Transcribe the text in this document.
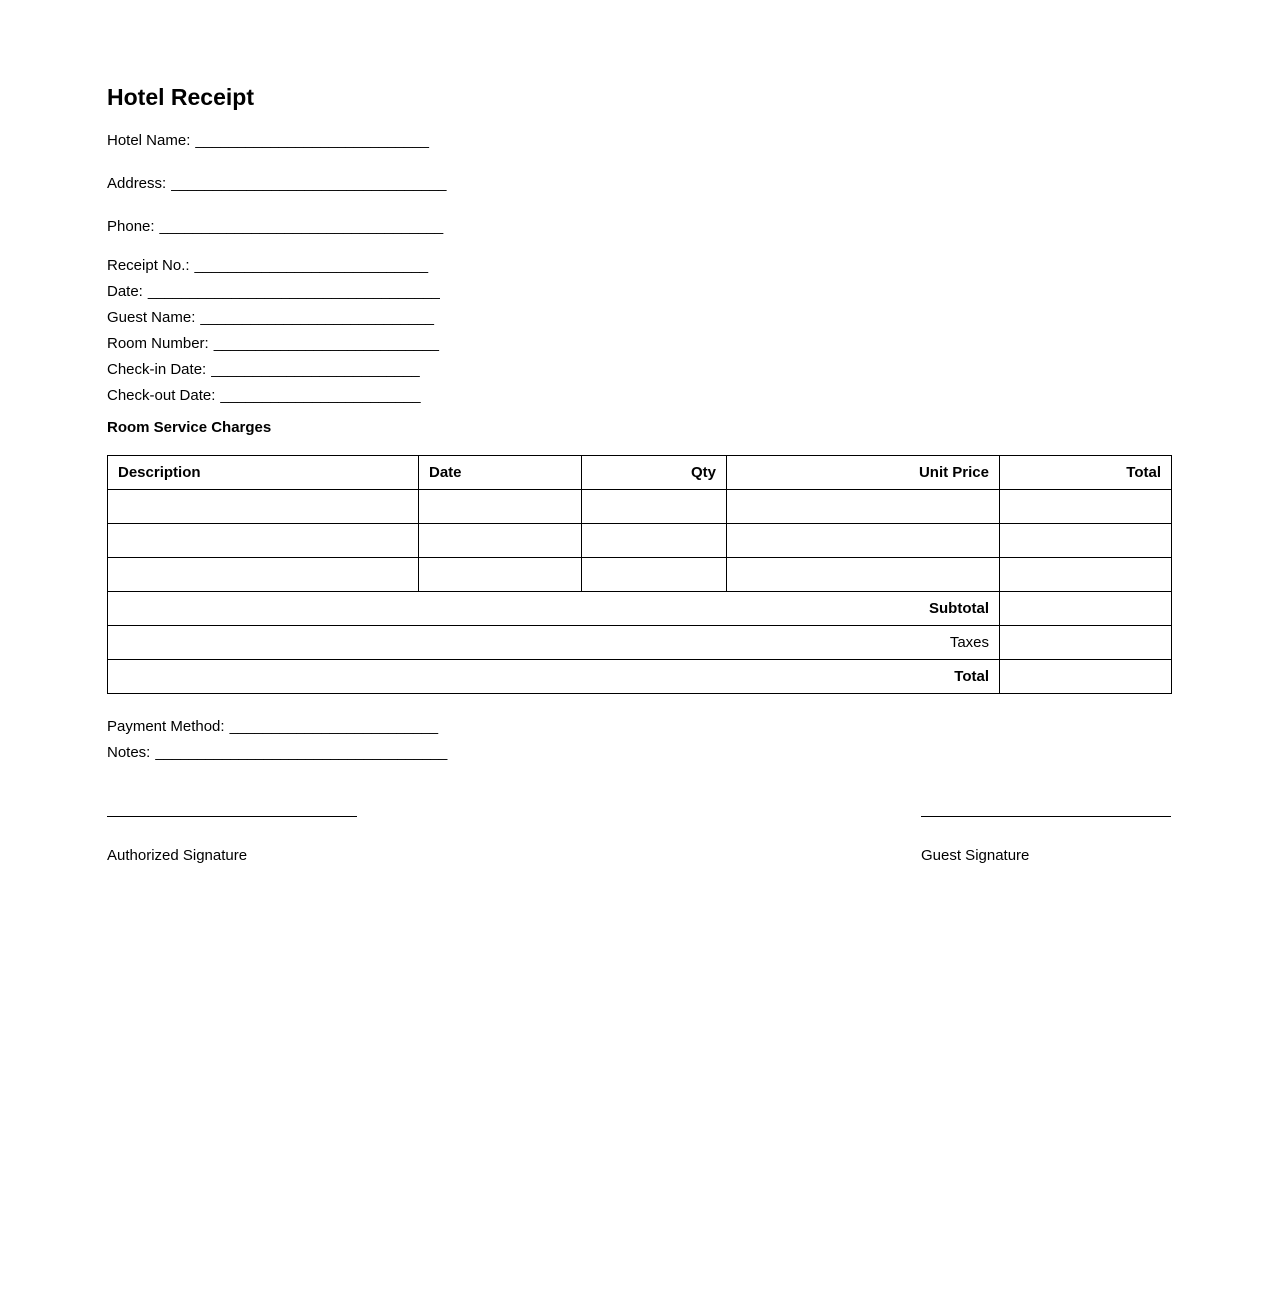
Hotel Receipt
Hotel Name: ____________________________
Address: _________________________________
Phone: __________________________________
Receipt No.: ____________________________
Date: ___________________________________
Guest Name: ____________________________
Room Number: ___________________________
Check-in Date: _________________________
Check-out Date: ________________________
Room Service Charges
Description	Date	Qty	Unit Price	Total

Subtotal				
Taxes				
Total				
Payment Method: _________________________
Notes: ___________________________________
Authorized Signature	Guest Signature
